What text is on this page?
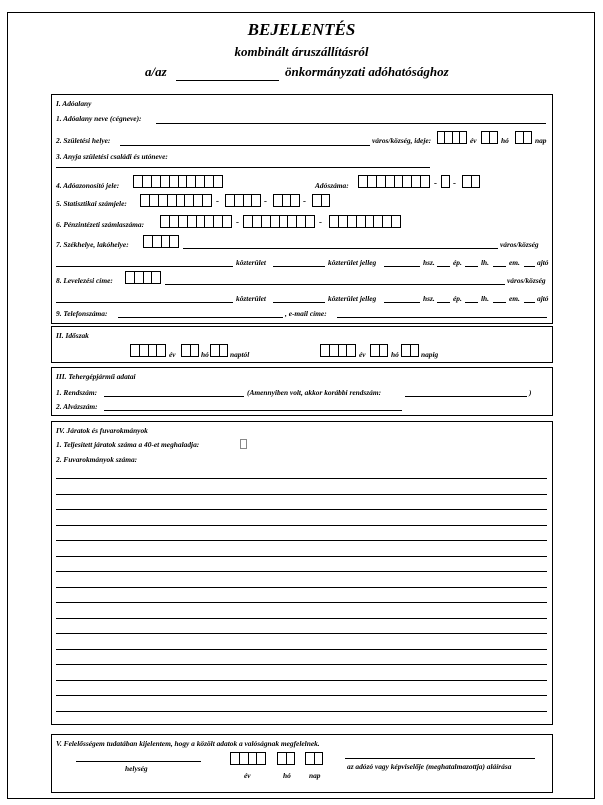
BEJELENTÉS
kombinált áruszállításról
a/az	önkormányzati adóhatósághoz
I. Adóalany
1. Adóalany neve (cégneve):
2. Születési helye:	város/község, ideje:	év	hó	nap
3. Anyja születési családi és utóneve:
4. Adóazonosító jele:	Adószáma:	- -
5. Statisztikai számjele:	-	-	-
6. Pénzintézeti számlaszáma:	-	-
7. Székhelye, lakóhelye:	város/község
közterület	közterület jelleg	hsz. ép.	lh.	em. ajtó
8. Levelezési címe:	város/község
közterület	közterület jelleg	hsz. ép.	lh.	em. ajtó
9. Telefonszáma:	, e-mail címe:
II. Időszak
év	hó	naptól	év	hó	napig
III. Tehergépjármű adatai
1. Rendszám:	(Amennyiben volt, akkor korábbi rendszám:	)
2. Alvázszám:
IV. Járatok és fuvarokmányok
1. Teljesített járatok száma a 40-et meghaladja:
2. Fuvarokmányok száma:
V. Felelősségem tudatában kijelentem, hogy a közölt adatok a valóságnak megfelelnek.
helység
év	hó nap
az adózó vagy képviselője (meghatalmazottja) aláírása
